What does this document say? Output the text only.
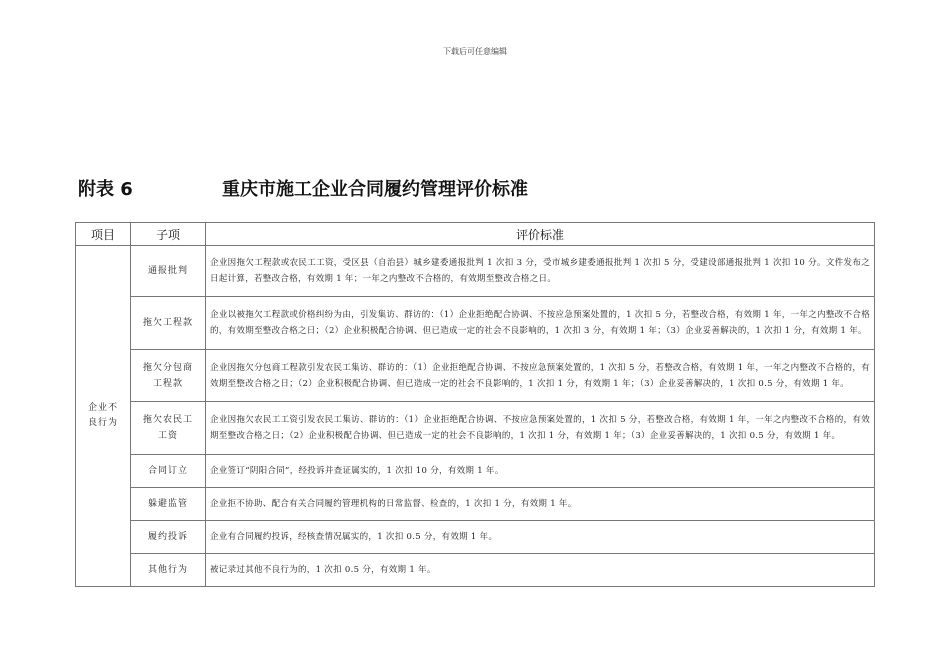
下载后可任意编辑
附表 6	重庆市施工企业合同履约管理评价标准
项目	子项	评价标准
企业不良行为	通报批判	企业因拖欠工程款或农民工工资，受区县（自治县）城乡建委通报批判 1 次扣 3 分，受市城乡建委通报批判 1 次扣 5 分，受建设部通报批判 1 次扣 10 分。文件发布之日起计算，若整改合格，有效期 1 年；一年之内整改不合格的，有效期至整改合格之日。
	拖欠工程款	企业以被拖欠工程款或价格纠纷为由，引发集访、群访的：（1）企业拒绝配合协调、不按应急预案处置的，1 次扣 5 分，若整改合格，有效期 1 年，一年之内整改不合格的，有效期至整改合格之日；（2）企业积极配合协调、但已造成一定的社会不良影响的，1 次扣 3 分，有效期 1 年；（3）企业妥善解决的，1 次扣 1 分，有效期 1 年。
	拖欠分包商工程款	企业因拖欠分包商工程款引发农民工集访、群访的：（1）企业拒绝配合协调、不按应急预案处置的，1 次扣 5 分，若整改合格，有效期 1 年，一年之内整改不合格的，有效期至整改合格之日；（2）企业积极配合协调、但已造成一定的社会不良影响的，1 次扣 1 分，有效期 1 年；（3）企业妥善解决的，1 次扣 0.5 分，有效期 1 年。
	拖欠农民工工资	企业因拖欠农民工工资引发农民工集访、群访的：（1）企业拒绝配合协调、不按应急预案处置的，1 次扣 5 分，若整改合格，有效期 1 年，一年之内整改不合格的，有效期至整改合格之日；（2）企业积极配合协调、但已造成一定的社会不良影响的，1 次扣 1 分，有效期 1 年；（3）企业妥善解决的，1 次扣 0.5 分，有效期 1 年。
	合同订立	企业签订“阴阳合同”，经投诉并查证属实的，1 次扣 10 分，有效期 1 年。
	躲避监管	企业拒不协助、配合有关合同履约管理机构的日常监督、检查的，1 次扣 1 分，有效期 1 年。
	履约投诉	企业有合同履约投诉，经核查情况属实的，1 次扣 0.5 分，有效期 1 年。
	其他行为	被记录过其他不良行为的，1 次扣 0.5 分，有效期 1 年。
